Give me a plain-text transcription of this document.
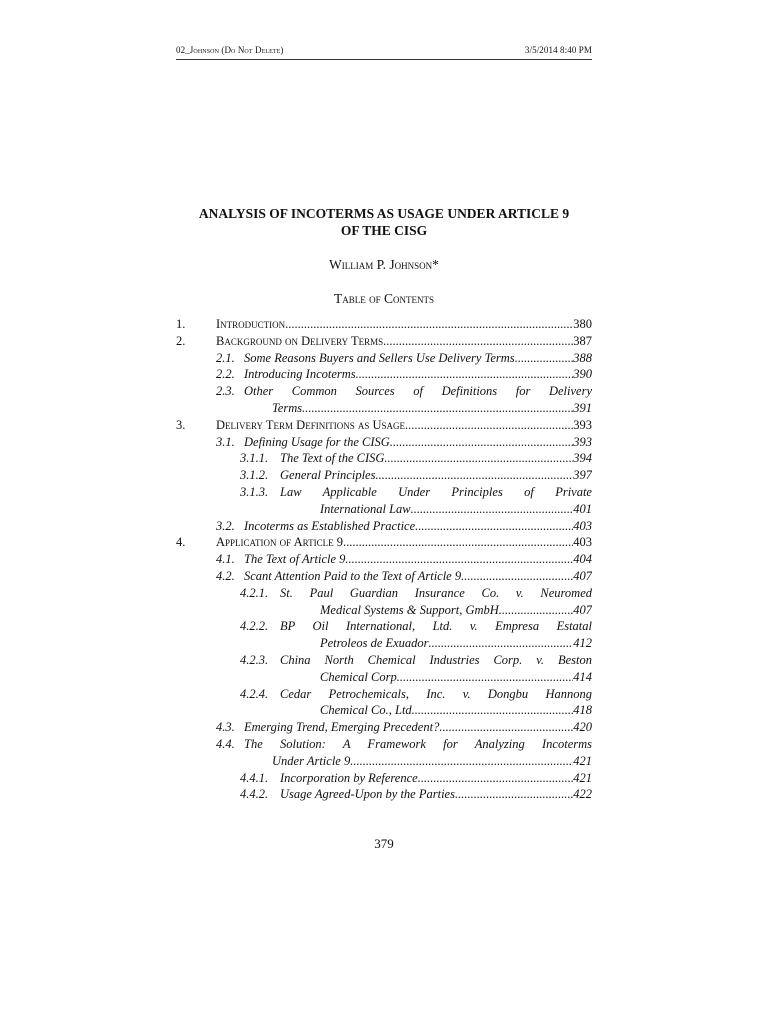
02_Johnson (Do Not Delete)	3/5/2014 8:40 PM
ANALYSIS OF INCOTERMS AS USAGE UNDER ARTICLE 9
OF THE CISG
William P. Johnson*
Table of Contents
1. Introduction .....	380
2. Background on Delivery Terms .....	387
2.1. Some Reasons Buyers and Sellers Use Delivery Terms .....	388
2.2. Introducing Incoterms .....	390
2.3. Other Common Sources of Definitions for Delivery
Terms .....	391
3. Delivery Term Definitions as Usage .....	393
3.1. Defining Usage for the CISG .....	393
3.1.1. The Text of the CISG .....	394
3.1.2. General Principles .....	397
3.1.3. Law Applicable Under Principles of Private
International Law .....	401
3.2. Incoterms as Established Practice .....	403
4. Application of Article 9 .....	403
4.1. The Text of Article 9 .....	404
4.2. Scant Attention Paid to the Text of Article 9 .....	407
4.2.1. St. Paul Guardian Insurance Co. v. Neuromed
Medical Systems & Support, GmbH .....	407
4.2.2. BP Oil International, Ltd. v. Empresa Estatal
Petroleos de Exuador .....	412
4.2.3. China North Chemical Industries Corp. v. Beston
Chemical Corp. .....	414
4.2.4. Cedar Petrochemicals, Inc. v. Dongbu Hannong
Chemical Co., Ltd. .....	418
4.3. Emerging Trend, Emerging Precedent? .....	420
4.4. The Solution: A Framework for Analyzing Incoterms
Under Article 9 .....	421
4.4.1. Incorporation by Reference .....	421
4.4.2. Usage Agreed-Upon by the Parties .....	422
379
